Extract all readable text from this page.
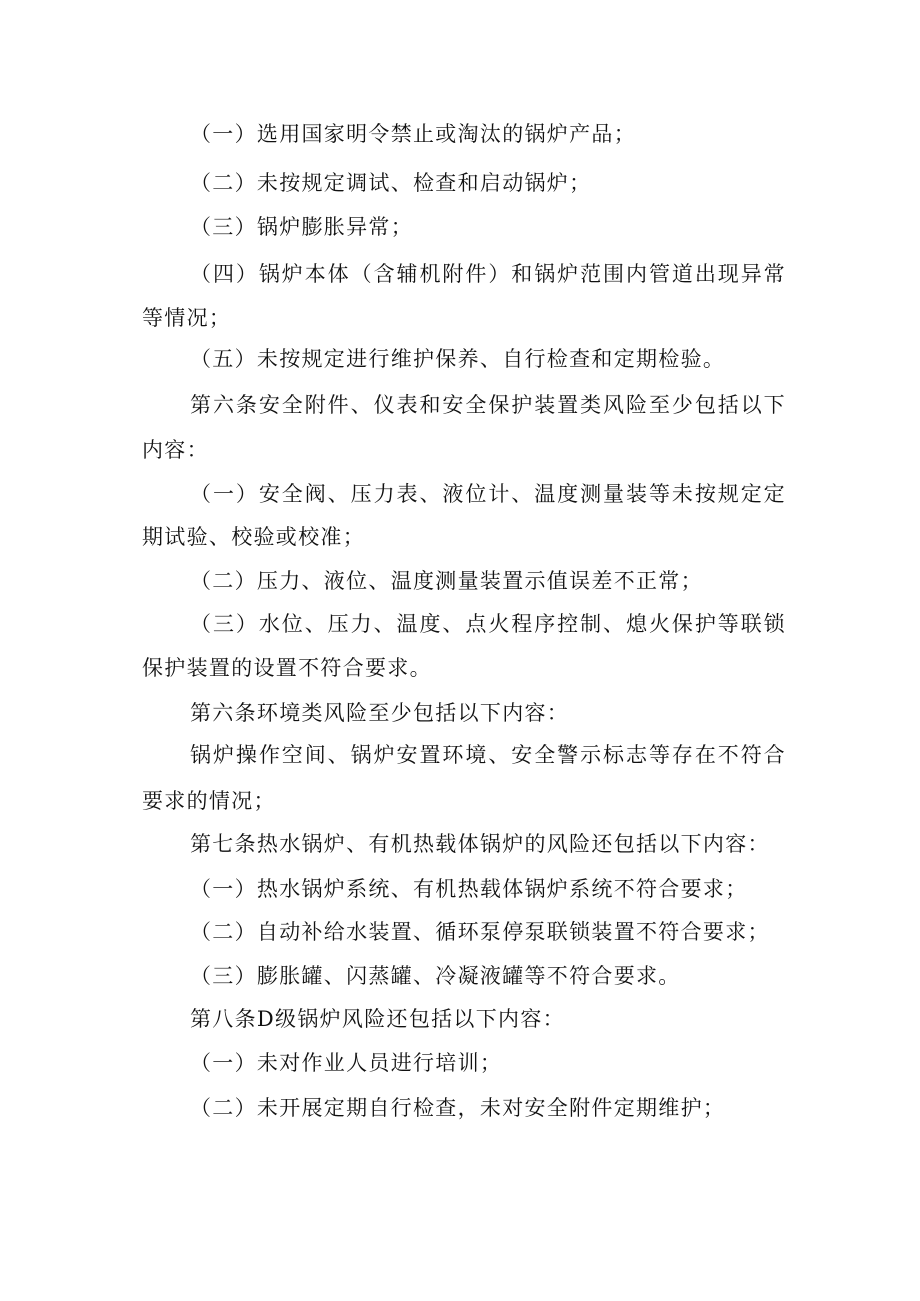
（一）选用国家明令禁止或淘汰的锅炉产品；
（二）未按规定调试、检查和启动锅炉；
（三）锅炉膨胀异常；
（四）锅炉本体（含辅机附件）和锅炉范围内管道出现异常
等情况；
（五）未按规定进行维护保养、自行检查和定期检验。
第六条安全附件、仪表和安全保护装置类风险至少包括以下
内容：
（一）安全阀、压力表、液位计、温度测量装等未按规定定
期试验、校验或校准；
（二）压力、液位、温度测量装置示值误差不正常；
（三）水位、压力、温度、点火程序控制、熄火保护等联锁
保护装置的设置不符合要求。
第六条环境类风险至少包括以下内容：
锅炉操作空间、锅炉安置环境、安全警示标志等存在不符合
要求的情况；
第七条热水锅炉、有机热载体锅炉的风险还包括以下内容：
（一）热水锅炉系统、有机热载体锅炉系统不符合要求；
（二）自动补给水装置、循环泵停泵联锁装置不符合要求；
（三）膨胀罐、闪蒸罐、冷凝液罐等不符合要求。
第八条D级锅炉风险还包括以下内容：
（一）未对作业人员进行培训；
（二）未开展定期自行检查，未对安全附件定期维护；
